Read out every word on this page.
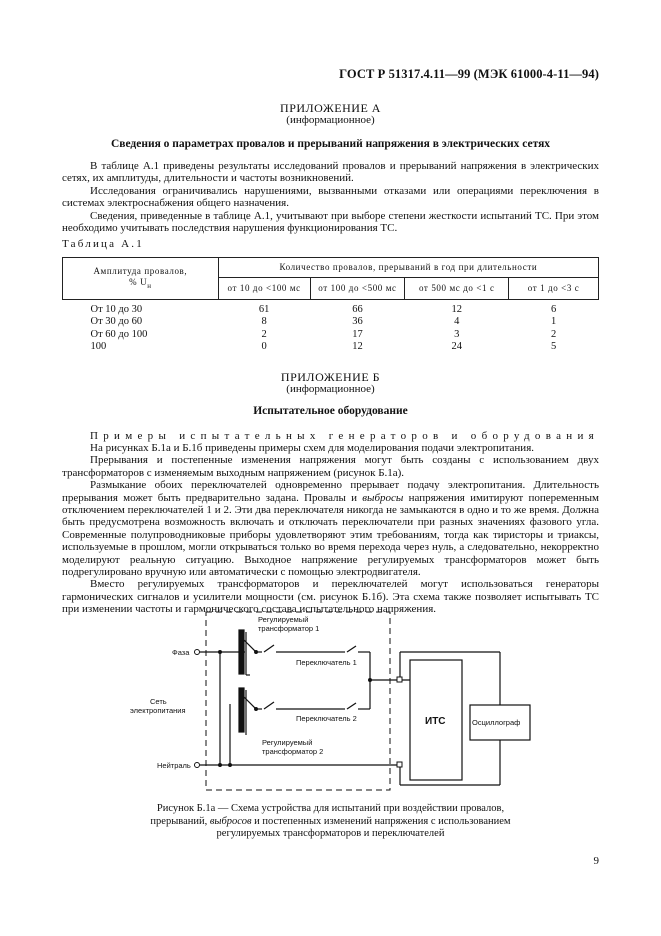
ГОСТ Р 51317.4.11—99 (МЭК 61000-4-11—94)
ПРИЛОЖЕНИЕ А
(информационное)
Сведения о параметрах провалов и прерываний напряжения в электрических сетях

В таблице А.1 приведены результаты исследований провалов и прерываний напряжения в электрических сетях, их амплитуды, длительности и частоты возникновений.

Исследования ограничивались нарушениями, вызванными отказами или операциями переключения в системах электроснабжения общего назначения.

Сведения, приведенные в таблице А.1, учитывают при выборе степени жесткости испытаний ТС. При этом необходимо учитывать последствия нарушения функционирования ТС.

Таблица А.1
Амплитуда провалов,
% $U_н$	Количество провалов, прерываний в год при длительности			
	от 10 до <100 мс	от 100 до <500 мс	от 500 мс до <1 с	от 1 до <3 с

От 10 до 30	61	66	12	6
От 30 до 60	8	36	4	1
От 60 до 100	2	17	3	2
100	0	12	24	5
ПРИЛОЖЕНИЕ Б
(информационное)
Испытательное оборудование
Примеры испытательных генераторов и оборудования

На рисунках Б.1а и Б.1б приведены примеры схем для моделирования подачи электропитания.

Прерывания и постепенные изменения напряжения могут быть созданы с использованием двух трансформаторов с изменяемым выходным напряжением (рисунок Б.1а).

Размыкание обоих переключателей одновременно прерывает подачу электропитания. Длительность прерывания может быть предварительно задана. Провалы и выбросы напряжения имитируют попеременным отключением переключателей 1 и 2. Эти два переключателя никогда не замыкаются в одно и то же время. Должна быть предусмотрена возможность включать и отключать переключатели при разных значениях фазового угла. Современные полупроводниковые приборы удовлетворяют этим требованиям, тогда как тиристоры и триаксы, используемые в прошлом, могли открываться только во время перехода через нуль, а следовательно, некорректно моделируют реальную ситуацию. Выходное напряжение регулируемых трансформаторов может быть подрегулировано вручную или автоматически с помощью электродвигателя.

Вместо регулируемых трансформаторов и переключателей могут использоваться генераторы гармонических сигналов и усилители мощности (см. рисунок Б.1б). Эта схема также позволяет испытывать ТС при изменении частоты и гармонического состава испытательного напряжения.

Регулируемый трансформатор 1
Фаза
Переключатель 1
Сеть электропитания
Переключатель 2	ИТС	Осциллограф
Регулируемый трансформатор 2
Нейтраль
Рисунок Б.1а — Схема устройства для испытаний при воздействии провалов,
прерываний, выбросов и постепенных изменений напряжения с использованием
регулируемых трансформаторов и переключателей
9
